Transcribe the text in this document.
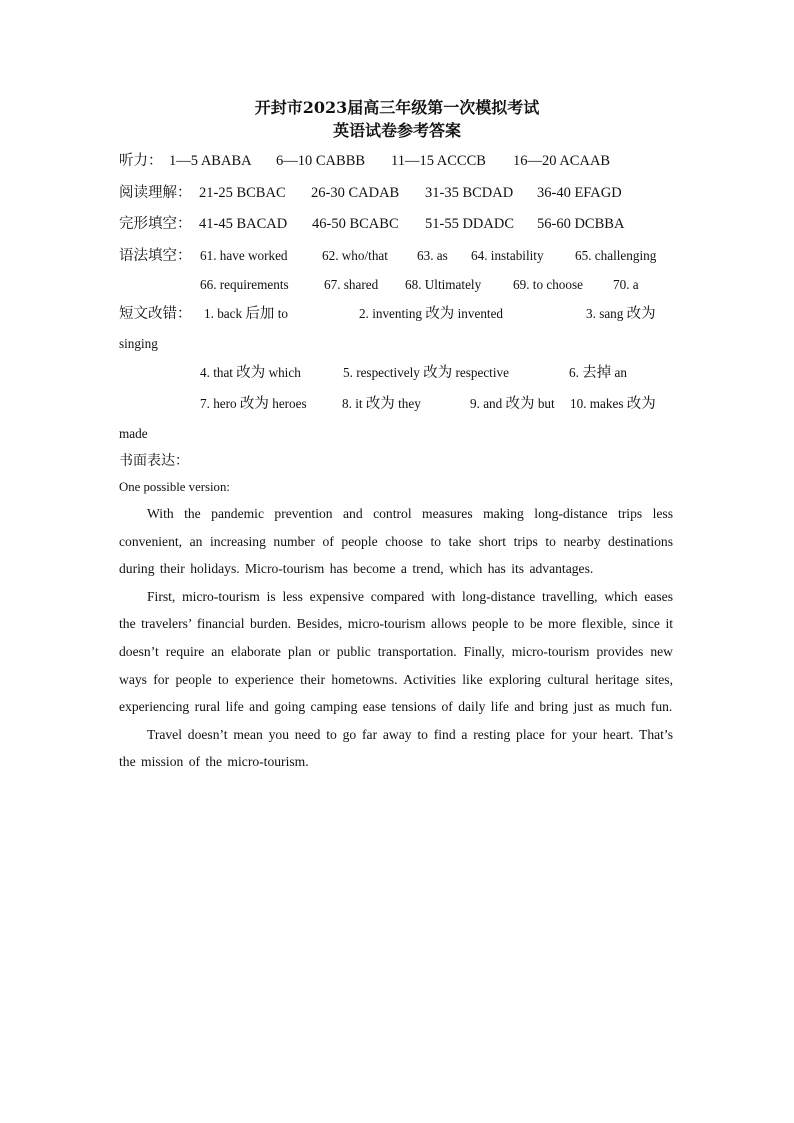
开封市2023届高三年级第一次模拟考试
英语试卷参考答案
听力： 1—5 ABABA 6—10 CABBB 11—15 ACCCB 16—20 ACAAB
阅读理解： 21-25 BCBAC 26-30 CADAB 31-35 BCDAD 36-40 EFAGD
完形填空： 41-45 BACAD 46-50 BCABC 51-55 DDADC 56-60 DCBBA
语法填空： 61. have worked	62. who/that 63. as 64. instability 65. challenging
66. requirements	67. shared 68. Ultimately 69. to choose 70. a
短文改错： 1. back 后加 to	2. inventing 改为 invented	3. sang 改为
singing
4. that 改为 which	5. respectively 改为 respective	6. 去掉 an
7. hero 改为 heroes	8. it 改为 they	9. and 改为 but 10. makes 改为
made
书面表达：
One possible version:

With the pandemic prevention and control measures making long-distance trips less convenient, an increasing number of people choose to take short trips to nearby destinations during their holidays. Micro-tourism has become a trend, which has its advantages.

First, micro-tourism is less expensive compared with long-distance travelling, which eases the travelers’ financial burden. Besides, micro-tourism allows people to be more flexible, since it doesn’t require an elaborate plan or public transportation. Finally, micro-tourism provides new ways for people to experience their hometowns. Activities like exploring cultural heritage sites, experiencing rural life and going camping ease tensions of daily life and bring just as much fun.

Travel doesn’t mean you need to go far away to find a resting place for your heart. That’s the mission of the micro-tourism.
